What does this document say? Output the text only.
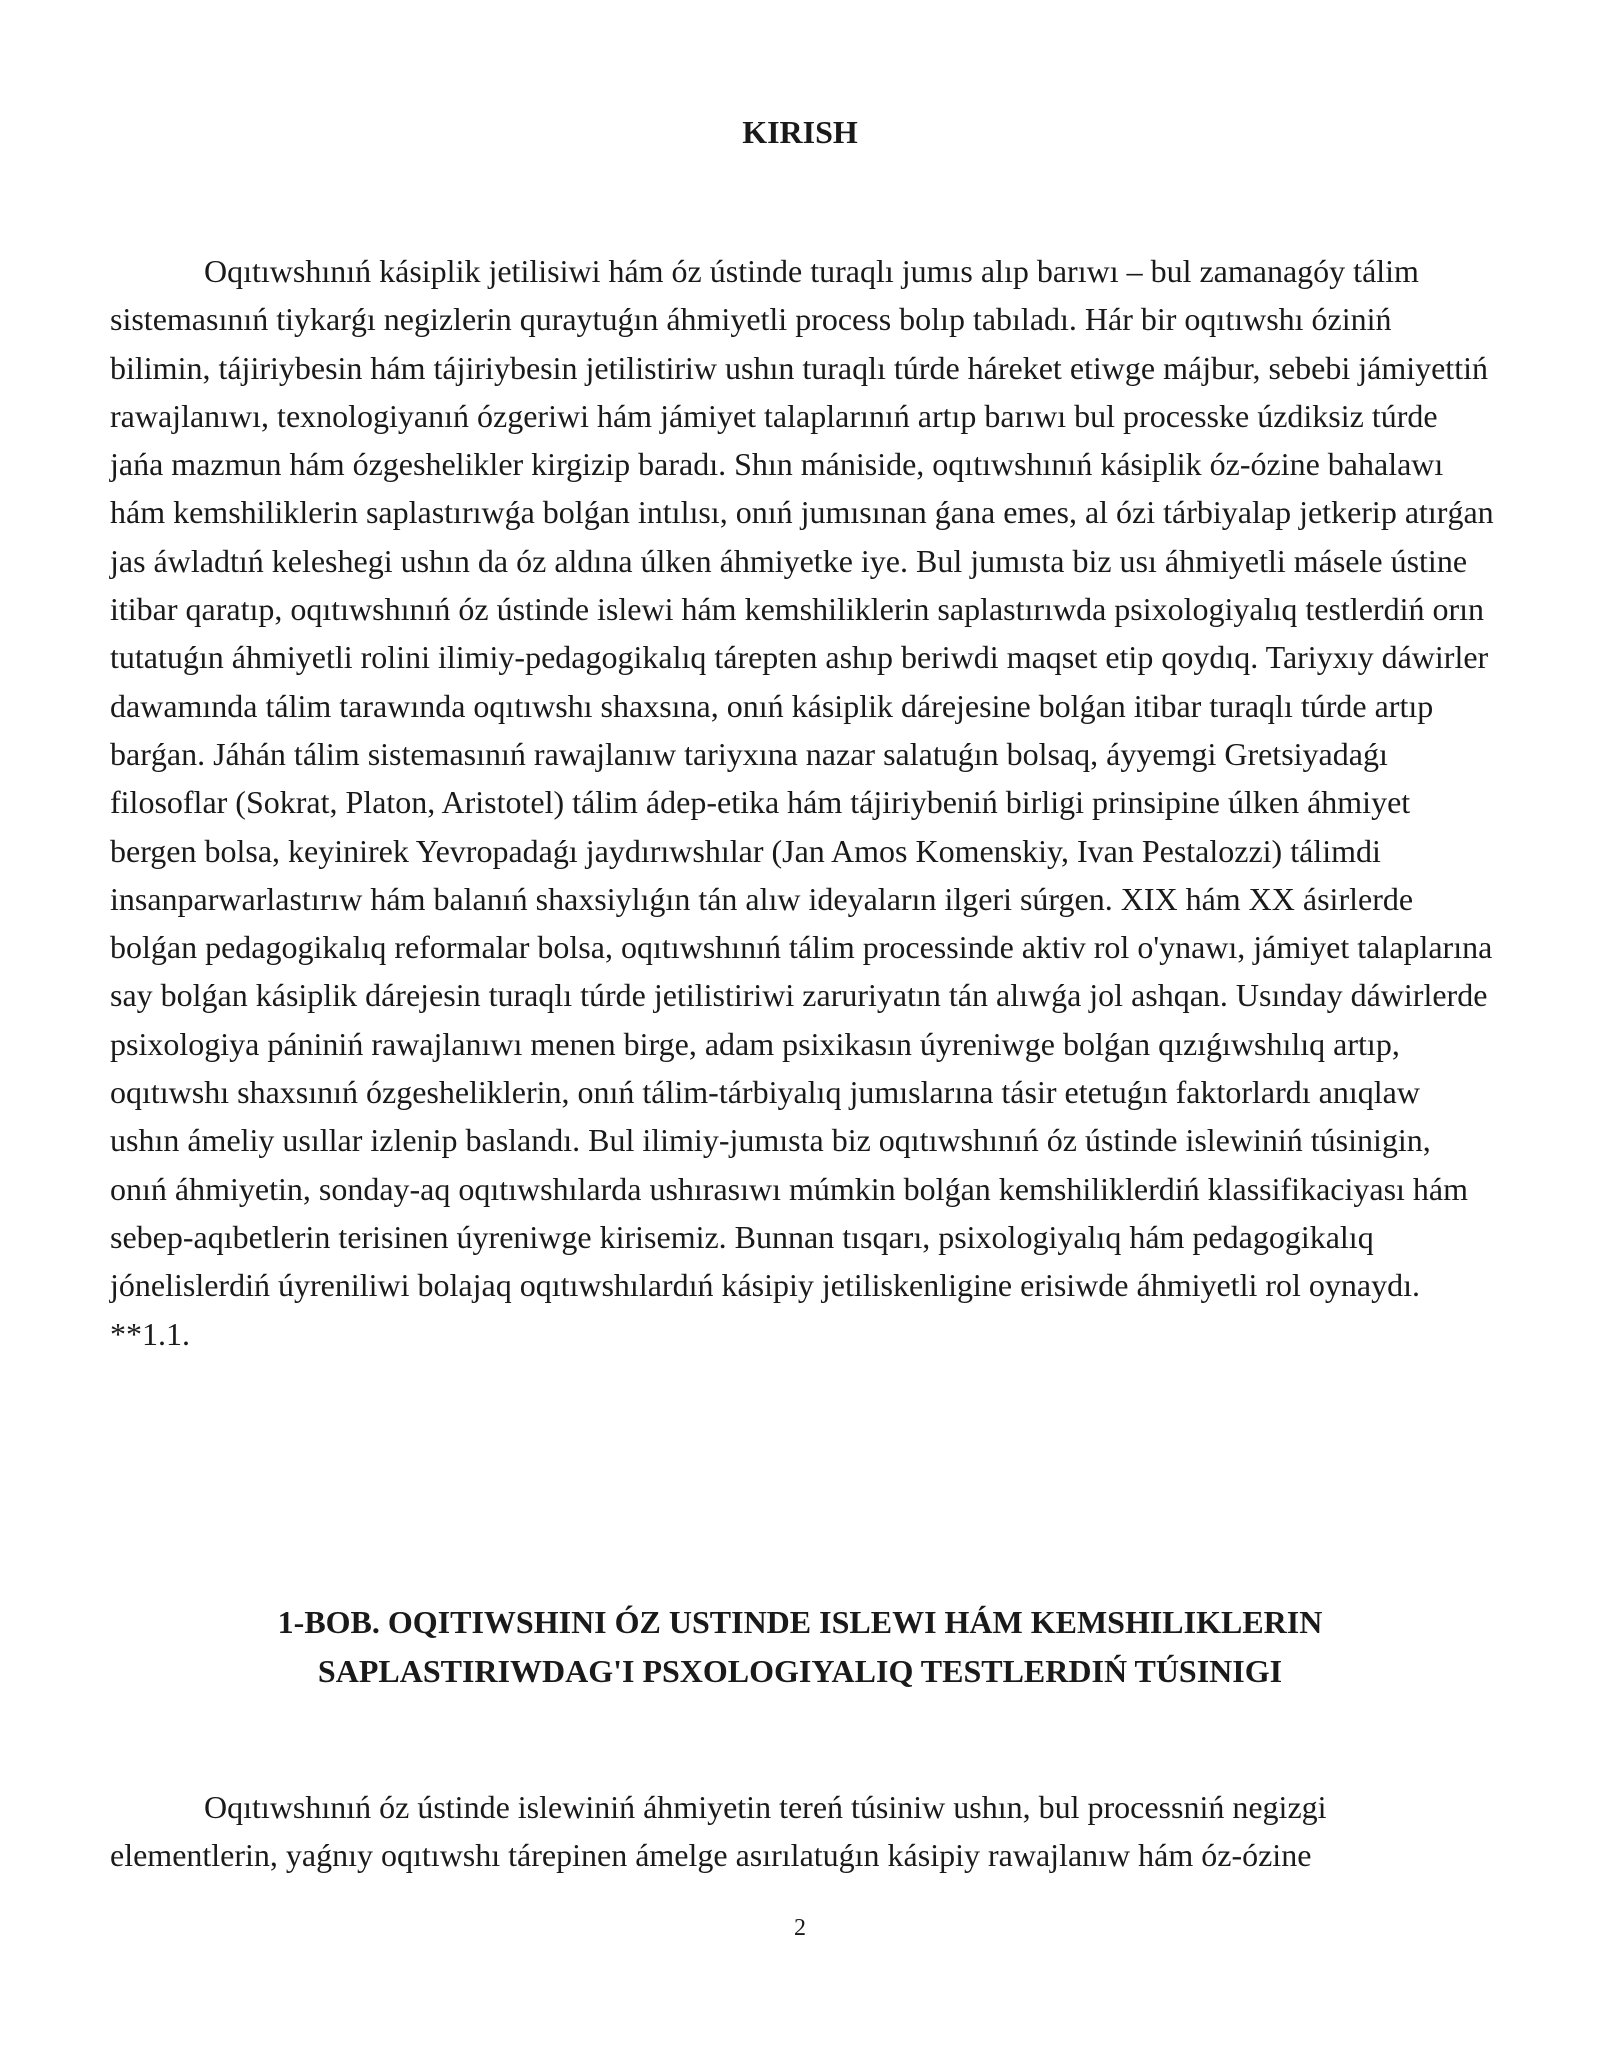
KIRISH

Oqıtıwshınıń kásiplik jetilisiwi hám óz ústinde turaqlı jumıs alıp barıwı – bul zamanagóy tálim sistemasınıń tiykarǵı negizlerin quraytuǵın áhmiyetli process bolıp tabıladı. Hár bir oqıtıwshı óziniń bilimin, tájiriybesin hám tájiriybesin jetilistiriw ushın turaqlı túrde háreket etiwge májbur, sebebi jámiyettiń rawajlanıwı, texnologiyanıń ózgeriwi hám jámiyet talaplarınıń artıp barıwı bul processke úzdiksiz túrde jańa mazmun hám ózgeshelikler kirgizip baradı. Shın mániside, oqıtıwshınıń kásiplik óz-ózine bahalawı hám kemshiliklerin saplastırıwǵa bolǵan intılısı, onıń jumısınan ǵana emes, al ózi tárbiyalap jetkerip atırǵan jas áwladtıń keleshegi ushın da óz aldına úlken áhmiyetke iye. Bul jumısta biz usı áhmiyetli másele ústine itibar qaratıp, oqıtıwshınıń óz ústinde islewi hám kemshiliklerin saplastırıwda psixologiyalıq testlerdiń orın tutatuǵın áhmiyetli rolini ilimiy-pedagogikalıq tárepten ashıp beriwdi maqset etip qoydıq. Tariyxıy dáwirler dawamında tálim tarawında oqıtıwshı shaxsına, onıń kásiplik dárejesine bolǵan itibar turaqlı túrde artıp barǵan. Jáhán tálim sistemasınıń rawajlanıw tariyxına nazar salatuǵın bolsaq, áyyemgi Gretsiyadaǵı filosoflar (Sokrat, Platon, Aristotel) tálim ádep-etika hám tájiriybeniń birligi prinsipine úlken áhmiyet bergen bolsa, keyinirek Yevropadaǵı jaydırıwshılar (Jan Amos Komenskiy, Ivan Pestalozzi) tálimdi insanparwarlastırıw hám balanıń shaxsiylıǵın tán alıw ideyaların ilgeri súrgen. XIX hám XX ásirlerde bolǵan pedagogikalıq reformalar bolsa, oqıtıwshınıń tálim processinde aktiv rol o'ynawı, jámiyet talaplarına say bolǵan kásiplik dárejesin turaqlı túrde jetilistiriwi zaruriyatın tán alıwǵa jol ashqan. Usınday dáwirlerde psixologiya pániniń rawajlanıwı menen birge, adam psixikasın úyreniwge bolǵan qızıǵıwshılıq artıp, oqıtıwshı shaxsınıń ózgesheliklerin, onıń tálim-tárbiyalıq jumıslarına tásir etetuǵın faktorlardı anıqlaw ushın ámeliy usıllar izlenip baslandı. Bul ilimiy-jumısta biz oqıtıwshınıń óz ústinde islewiniń túsinigin, onıń áhmiyetin, sonday-aq oqıtıwshılarda ushırasıwı múmkin bolǵan kemshiliklerdiń klassifikaciyası hám sebep-aqıbetlerin terisinen úyreniwge kirisemiz. Bunnan tısqarı, psixologiyalıq hám pedagogikalıq jónelislerdiń úyreniliwi bolajaq oqıtıwshılardıń kásipiy jetiliskenligine erisiwde áhmiyetli rol oynaydı. **1.1.

1-BOB. OQITIWSHINI ÓZ USTINDE ISLEWI HÁM KEMSHILIKLERIN
SAPLASTIRIWDAG'I PSXOLOGIYALIQ TESTLERDIŃ TÚSINIGI

Oqıtıwshınıń óz ústinde islewiniń áhmiyetin tereń túsiniw ushın, bul processniń negizgi elementlerin, yaǵnıy oqıtıwshı tárepinen ámelge asırılatuǵın kásipiy rawajlanıw hám óz-ózine

2
